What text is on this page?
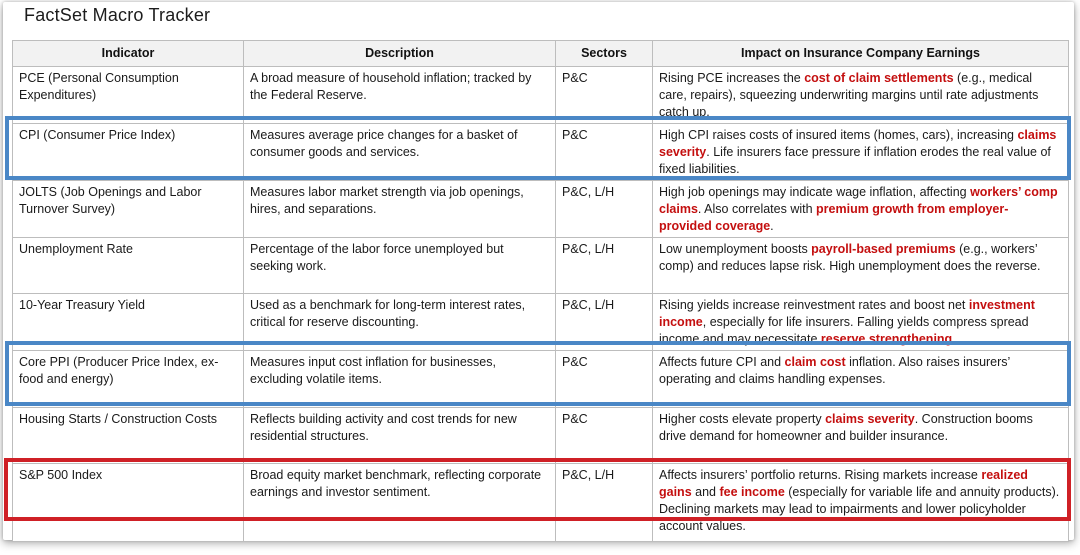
FactSet Macro Tracker
Indicator	Description	Sectors	Impact on Insurance Company Earnings
PCE (Personal Consumption Expenditures)	A broad measure of household inflation; tracked by the Federal Reserve.	P&C	Rising PCE increases the cost of claim settlements (e.g., medical care, repairs), squeezing underwriting margins until rate adjustments catch up.
CPI (Consumer Price Index)	Measures average price changes for a basket of consumer goods and services.	P&C	High CPI raises costs of insured items (homes, cars), increasing claims severity. Life insurers face pressure if inflation erodes the real value of fixed liabilities.
JOLTS (Job Openings and Labor Turnover Survey)	Measures labor market strength via job openings, hires, and separations.	P&C, L/H	High job openings may indicate wage inflation, affecting workers’ comp claims. Also correlates with premium growth from employer-provided coverage.
Unemployment Rate	Percentage of the labor force unemployed but seeking work.	P&C, L/H	Low unemployment boosts payroll-based premiums (e.g., workers’ comp) and reduces lapse risk. High unemployment does the reverse.
10-Year Treasury Yield	Used as a benchmark for long-term interest rates, critical for reserve discounting.	P&C, L/H	Rising yields increase reinvestment rates and boost net investment income, especially for life insurers. Falling yields compress spread income and may necessitate reserve strengthening.
Core PPI (Producer Price Index, ex-food and energy)	Measures input cost inflation for businesses, excluding volatile items.	P&C	Affects future CPI and claim cost inflation. Also raises insurers’ operating and claims handling expenses.
Housing Starts / Construction Costs	Reflects building activity and cost trends for new residential structures.	P&C	Higher costs elevate property claims severity. Construction booms drive demand for homeowner and builder insurance.
S&P 500 Index	Broad equity market benchmark, reflecting corporate earnings and investor sentiment.	P&C, L/H	Affects insurers’ portfolio returns. Rising markets increase realized gains and fee income (especially for variable life and annuity products). Declining markets may lead to impairments and lower policyholder account values.
